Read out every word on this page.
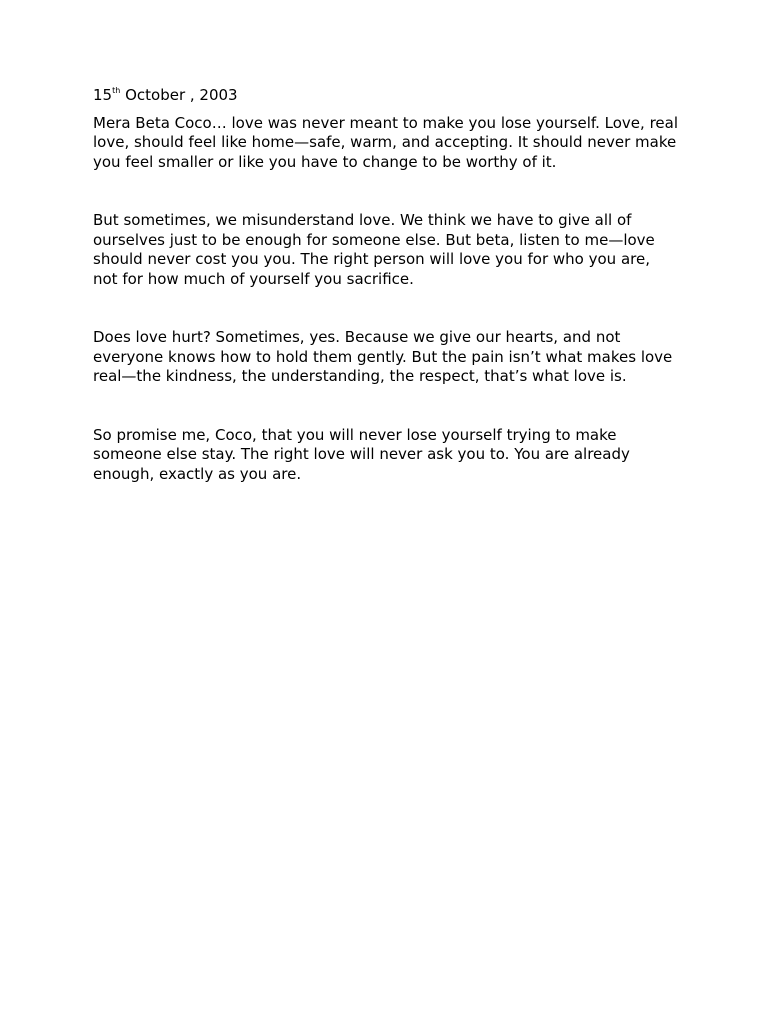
15th October , 2003

Mera Beta Coco… love was never meant to make you lose yourself. Love, real love, should feel like home—safe, warm, and accepting. It should never make you feel smaller or like you have to change to be worthy of it.

But sometimes, we misunderstand love. We think we have to give all of ourselves just to be enough for someone else. But beta, listen to me—love should never cost you you. The right person will love you for who you are, not for how much of yourself you sacrifice.

Does love hurt? Sometimes, yes. Because we give our hearts, and not everyone knows how to hold them gently. But the pain isn’t what makes love real—the kindness, the understanding, the respect, that’s what love is.

So promise me, Coco, that you will never lose yourself trying to make someone else stay. The right love will never ask you to. You are already enough, exactly as you are.
